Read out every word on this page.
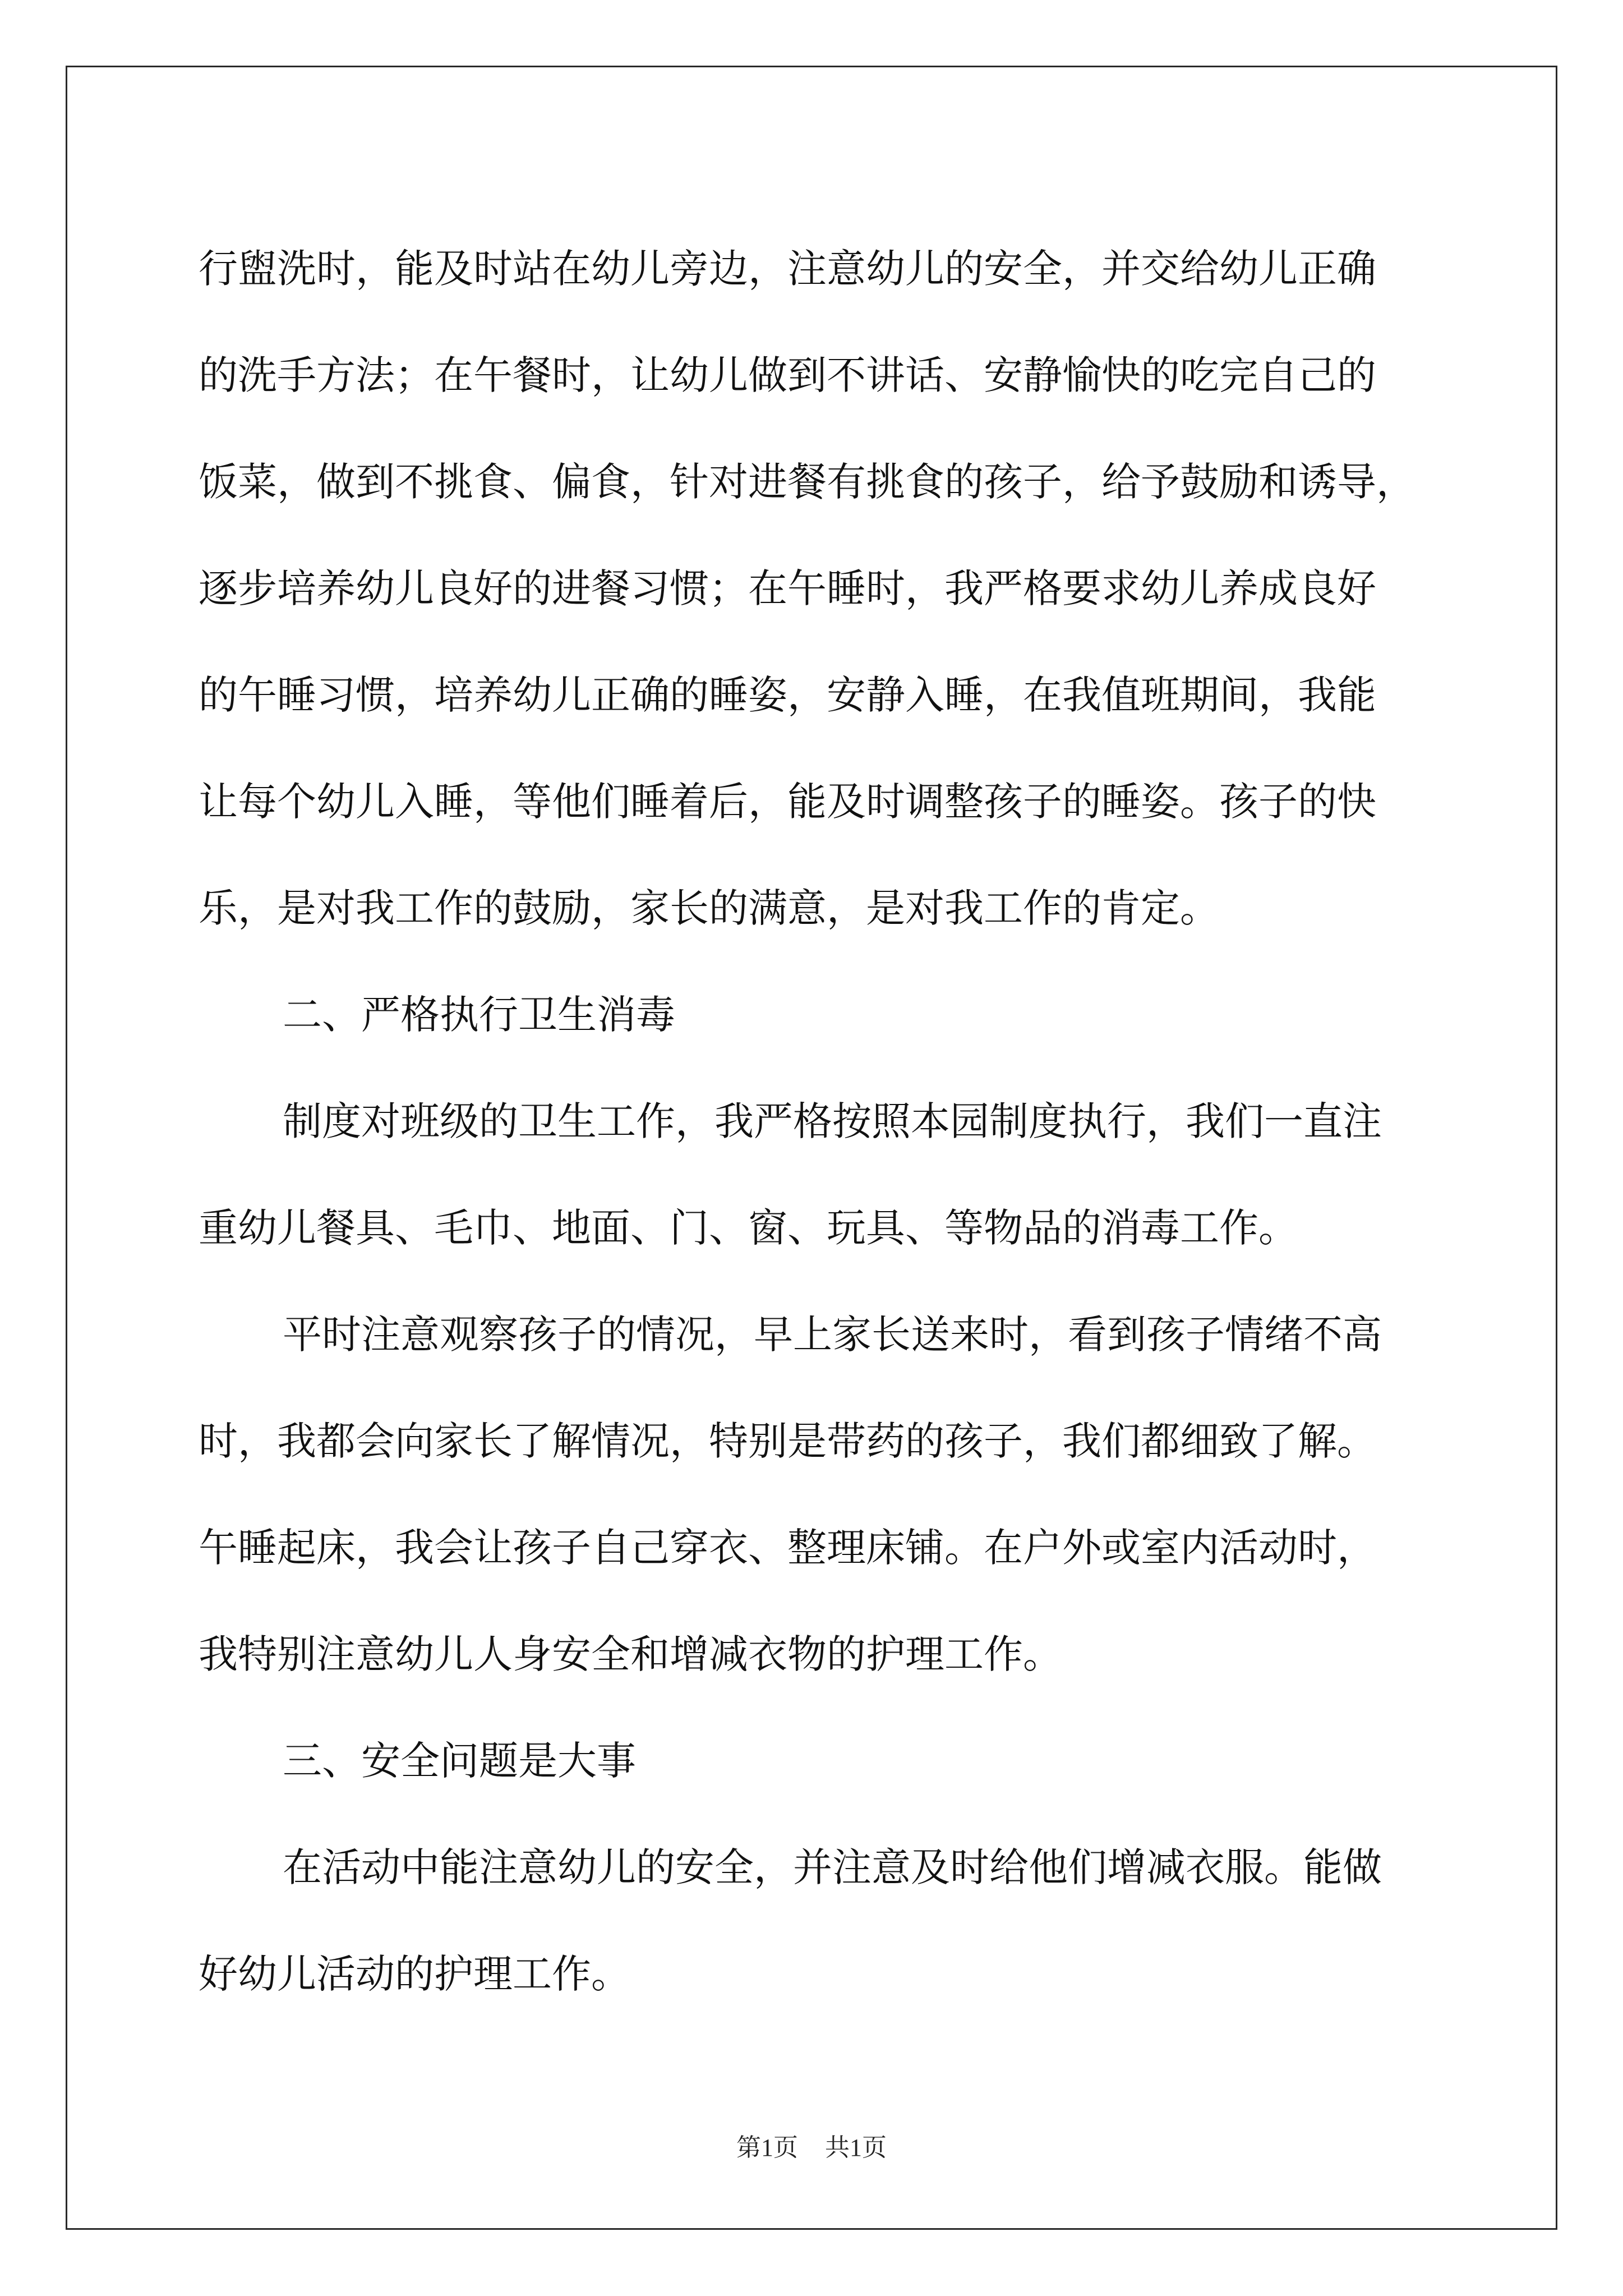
行盥洗时，能及时站在幼儿旁边，注意幼儿的安全，并交给幼儿正确
的洗手方法；在午餐时，让幼儿做到不讲话、安静愉快的吃完自己的
饭菜，做到不挑食、偏食，针对进餐有挑食的孩子，给予鼓励和诱导，
逐步培养幼儿良好的进餐习惯；在午睡时，我严格要求幼儿养成良好
的午睡习惯，培养幼儿正确的睡姿，安静入睡，在我值班期间，我能
让每个幼儿入睡，等他们睡着后，能及时调整孩子的睡姿。孩子的快
乐，是对我工作的鼓励，家长的满意，是对我工作的肯定。
二、严格执行卫生消毒
制度对班级的卫生工作，我严格按照本园制度执行，我们一直注
重幼儿餐具、毛巾、地面、门、窗、玩具、等物品的消毒工作。
平时注意观察孩子的情况，早上家长送来时，看到孩子情绪不高
时，我都会向家长了解情况，特别是带药的孩子，我们都细致了解。
午睡起床，我会让孩子自己穿衣、整理床铺。在户外或室内活动时，
我特别注意幼儿人身安全和增减衣物的护理工作。
三、安全问题是大事
在活动中能注意幼儿的安全，并注意及时给他们增减衣服。能做
好幼儿活动的护理工作。
第1页 共1页
